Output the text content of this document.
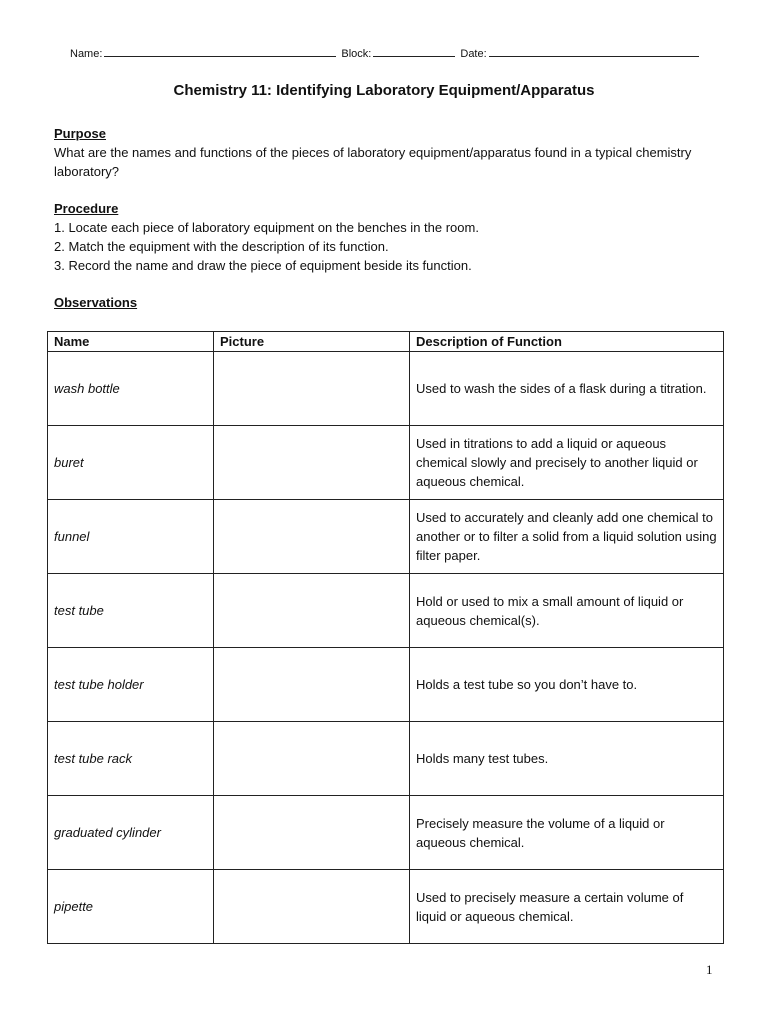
Name:	Block:	Date:
Chemistry 11: Identifying Laboratory Equipment/Apparatus
Purpose
What are the names and functions of the pieces of laboratory equipment/apparatus found in a typical chemistry laboratory?
Procedure
1. Locate each piece of laboratory equipment on the benches in the room.
2. Match the equipment with the description of its function.
3. Record the name and draw the piece of equipment beside its function.
Observations
Name	Picture	Description of Function
wash bottle		Used to wash the sides of a flask during a titration.
buret		Used in titrations to add a liquid or aqueous chemical slowly and precisely to another liquid or aqueous chemical.
funnel		Used to accurately and cleanly add one chemical to another or to filter a solid from a liquid solution using filter paper.
test tube		Hold or used to mix a small amount of liquid or aqueous chemical(s).
test tube holder		Holds a test tube so you don’t have to.
test tube rack		Holds many test tubes.
graduated cylinder		Precisely measure the volume of a liquid or aqueous chemical.
pipette		Used to precisely measure a certain volume of liquid or aqueous chemical.
1
